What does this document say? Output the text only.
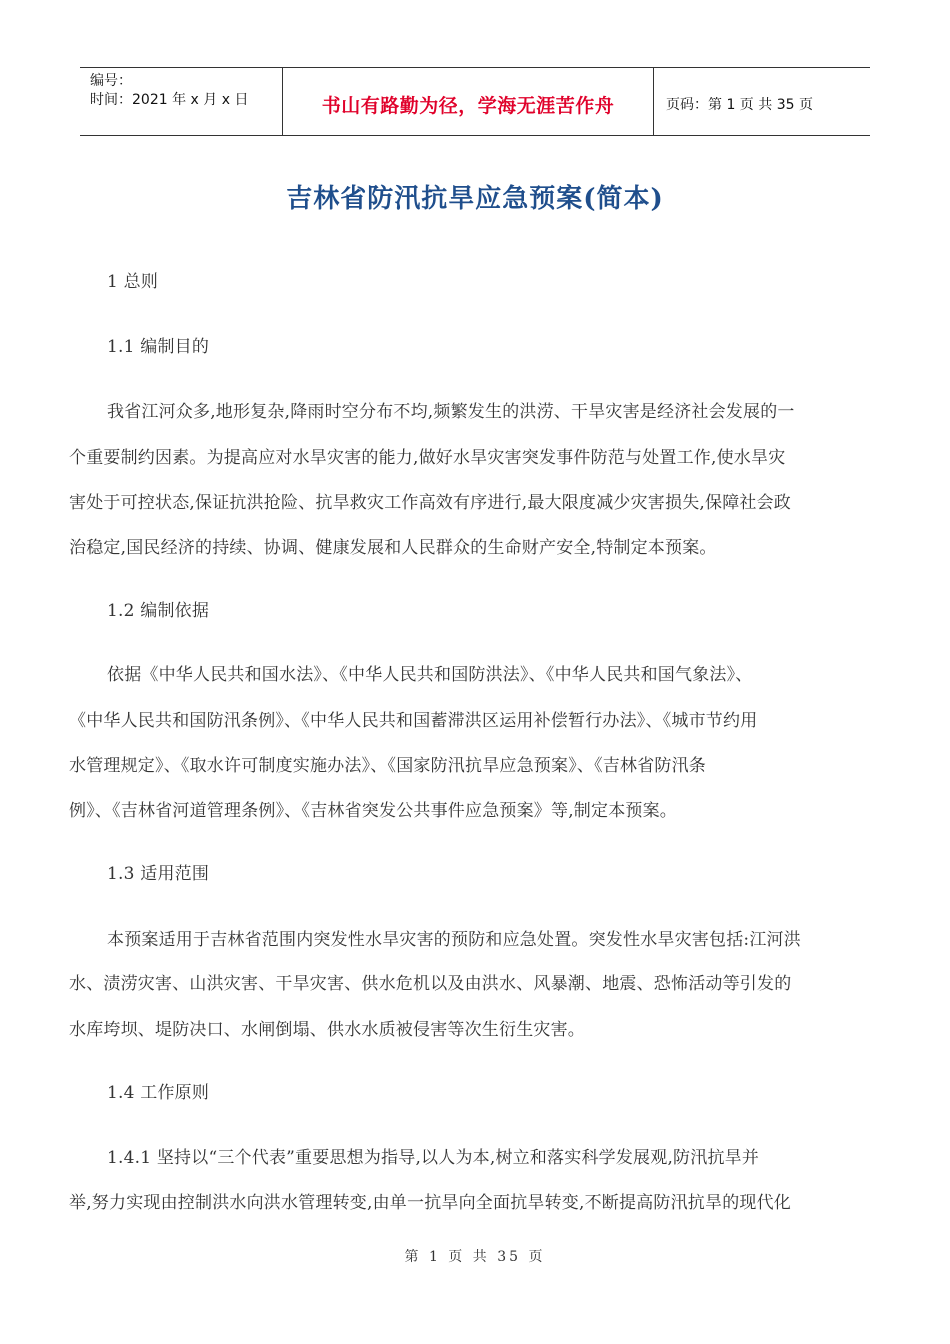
编号：
时间：2021 年 x 月 x 日	书山有路勤为径，学海无涯苦作舟	页码：第 1 页 共 35 页
吉林省防汛抗旱应急预案(简本)
1 总则
1.1 编制目的
我省江河众多,地形复杂,降雨时空分布不均,频繁发生的洪涝、干旱灾害是经济社会发展的一
个重要制约因素。为提高应对水旱灾害的能力,做好水旱灾害突发事件防范与处置工作,使水旱灾
害处于可控状态,保证抗洪抢险、抗旱救灾工作高效有序进行,最大限度减少灾害损失,保障社会政
治稳定,国民经济的持续、协调、健康发展和人民群众的生命财产安全,特制定本预案。
1.2 编制依据
依据《中华人民共和国水法》、《中华人民共和国防洪法》、《中华人民共和国气象法》、
《中华人民共和国防汛条例》、《中华人民共和国蓄滞洪区运用补偿暂行办法》、《城市节约用
水管理规定》、《取水许可制度实施办法》、《国家防汛抗旱应急预案》、《吉林省防汛条
例》、《吉林省河道管理条例》、《吉林省突发公共事件应急预案》等,制定本预案。
1.3 适用范围
本预案适用于吉林省范围内突发性水旱灾害的预防和应急处置。突发性水旱灾害包括:江河洪
水、渍涝灾害、山洪灾害、干旱灾害、供水危机以及由洪水、风暴潮、地震、恐怖活动等引发的
水库垮坝、堤防决口、水闸倒塌、供水水质被侵害等次生衍生灾害。
1.4 工作原则
1.4.1 坚持以“三个代表”重要思想为指导,以人为本,树立和落实科学发展观,防汛抗旱并
举,努力实现由控制洪水向洪水管理转变,由单一抗旱向全面抗旱转变,不断提高防汛抗旱的现代化
第 1 页 共 35 页
